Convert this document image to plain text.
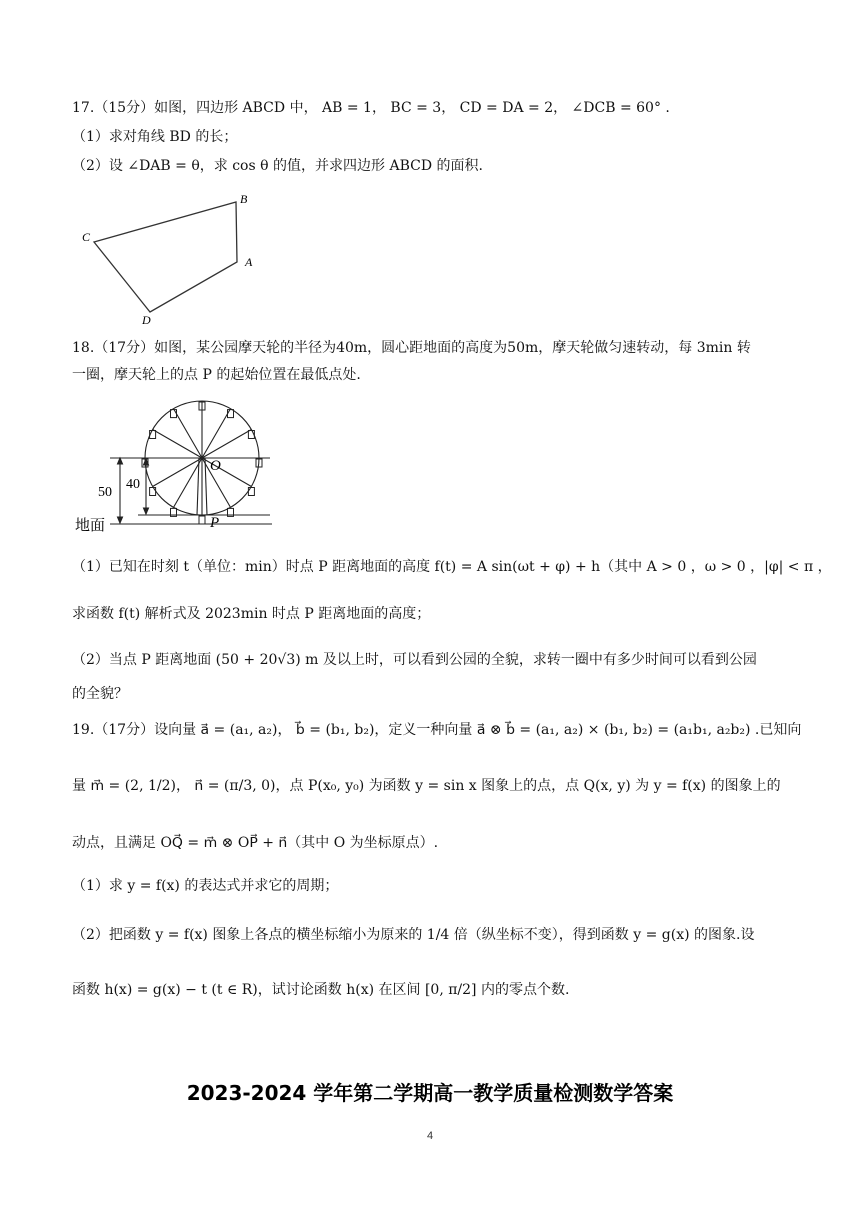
17.（15分）如图，四边形 ABCD 中， AB = 1， BC = 3， CD = DA = 2， ∠DCB = 60° .
（1）求对角线 BD 的长；
（2）设 ∠DAB = θ，求 cos θ 的值，并求四边形 ABCD 的面积.
B
C
A
D
18.（17分）如图，某公园摩天轮的半径为40m，圆心距地面的高度为50m，摩天轮做匀速转动，每 3min 转
一圈，摩天轮上的点 P 的起始位置在最低点处.
O
P
50
40
地面
（1）已知在时刻 t（单位：min）时点 P 距离地面的高度 f(t) = A sin(ωt + φ) + h（其中 A > 0 ，ω > 0 ，|φ| < π ，
求函数 f(t) 解析式及 2023min 时点 P 距离地面的高度；
（2）当点 P 距离地面 (50 + 20√3) m 及以上时，可以看到公园的全貌，求转一圈中有多少时间可以看到公园
的全貌？
19.（17分）设向量 a⃗ = (a₁, a₂)， b⃗ = (b₁, b₂)，定义一种向量 a⃗ ⊗ b⃗ = (a₁, a₂) × (b₁, b₂) = (a₁b₁, a₂b₂) .已知向
量 m⃗ = (2, 1/2)， n⃗ = (π/3, 0)，点 P(x₀, y₀) 为函数 y = sin x 图象上的点，点 Q(x, y) 为 y = f(x) 的图象上的
动点，且满足 OQ⃗ = m⃗ ⊗ OP⃗ + n⃗（其中 O 为坐标原点）.
（1）求 y = f(x) 的表达式并求它的周期；
（2）把函数 y = f(x) 图象上各点的横坐标缩小为原来的 1/4 倍（纵坐标不变），得到函数 y = g(x) 的图象.设
函数 h(x) = g(x) − t (t ∈ R)，试讨论函数 h(x) 在区间 [0, π/2] 内的零点个数.
2023-2024 学年第二学期高一教学质量检测数学答案
4
